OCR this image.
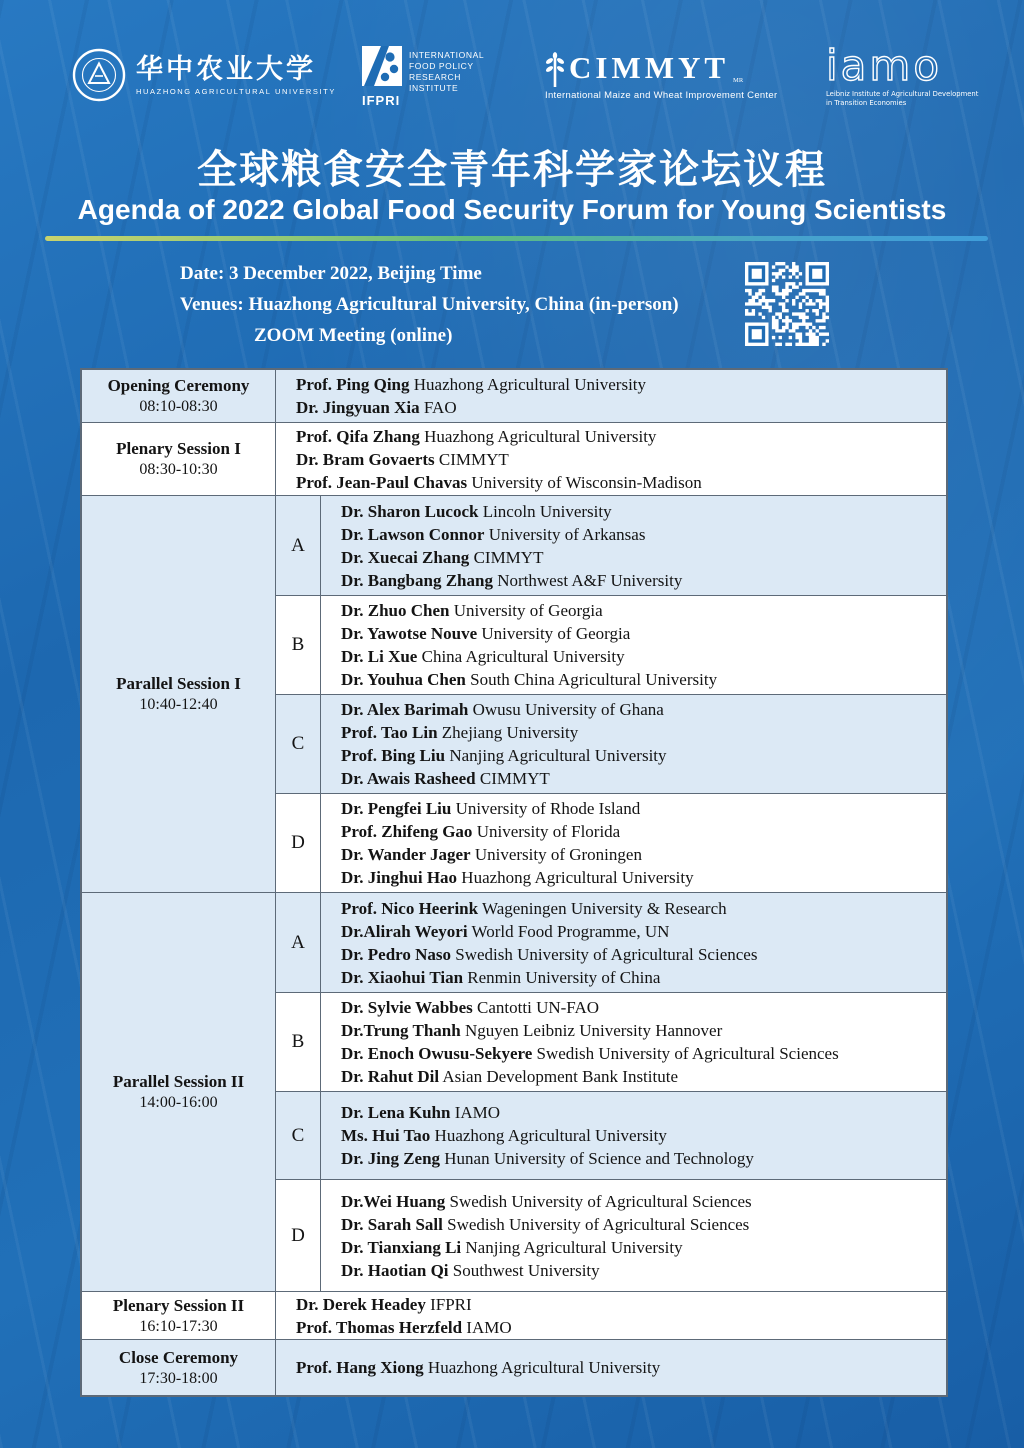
华中农业大学
HUAZHONG AGRICULTURAL UNIVERSITY
IFPRI
INTERNATIONAL
FOOD POLICY
RESEARCH
INSTITUTE
CIMMYT MR
International Maize and Wheat Improvement Center
iamo
Leibniz Institute of Agricultural Development
in Transition Economies
全球粮食安全青年科学家论坛议程
Agenda of 2022 Global Food Security Forum for Young Scientists
Date: 3 December 2022, Beijing Time
Venues: Huazhong Agricultural University, China (in-person)
ZOOM Meeting (online)
Opening Ceremony
08:10-08:30
Prof. Ping Qing Huazhong Agricultural University
Dr. Jingyuan Xia FAO
Plenary Session I
08:30-10:30
Prof. Qifa Zhang Huazhong Agricultural University
Dr. Bram Govaerts CIMMYT
Prof. Jean-Paul Chavas University of Wisconsin-Madison
Parallel Session I
10:40-12:40
A
Dr. Sharon Lucock Lincoln University
Dr. Lawson Connor University of Arkansas
Dr. Xuecai Zhang CIMMYT
Dr. Bangbang Zhang Northwest A&F University
B
Dr. Zhuo Chen University of Georgia
Dr. Yawotse Nouve University of Georgia
Dr. Li Xue China Agricultural University
Dr. Youhua Chen South China Agricultural University
C
Dr. Alex Barimah Owusu University of Ghana
Prof. Tao Lin Zhejiang University
Prof. Bing Liu Nanjing Agricultural University
Dr. Awais Rasheed CIMMYT
D
Dr. Pengfei Liu University of Rhode Island
Prof. Zhifeng Gao University of Florida
Dr. Wander Jager University of Groningen
Dr. Jinghui Hao Huazhong Agricultural University
Parallel Session II
14:00-16:00
A
Prof. Nico Heerink Wageningen University & Research
Dr.Alirah Weyori World Food Programme, UN
Dr. Pedro Naso Swedish University of Agricultural Sciences
Dr. Xiaohui Tian Renmin University of China
B
Dr. Sylvie Wabbes Cantotti UN-FAO
Dr.Trung Thanh Nguyen Leibniz University Hannover
Dr. Enoch Owusu-Sekyere Swedish University of Agricultural Sciences
Dr. Rahut Dil Asian Development Bank Institute
C
Dr. Lena Kuhn IAMO
Ms. Hui Tao Huazhong Agricultural University
Dr. Jing Zeng Hunan University of Science and Technology
D
Dr.Wei Huang Swedish University of Agricultural Sciences
Dr. Sarah Sall Swedish University of Agricultural Sciences
Dr. Tianxiang Li Nanjing Agricultural University
Dr. Haotian Qi Southwest University
Plenary Session II
16:10-17:30
Dr. Derek Headey IFPRI
Prof. Thomas Herzfeld IAMO
Close Ceremony
17:30-18:00
Prof. Hang Xiong Huazhong Agricultural University
